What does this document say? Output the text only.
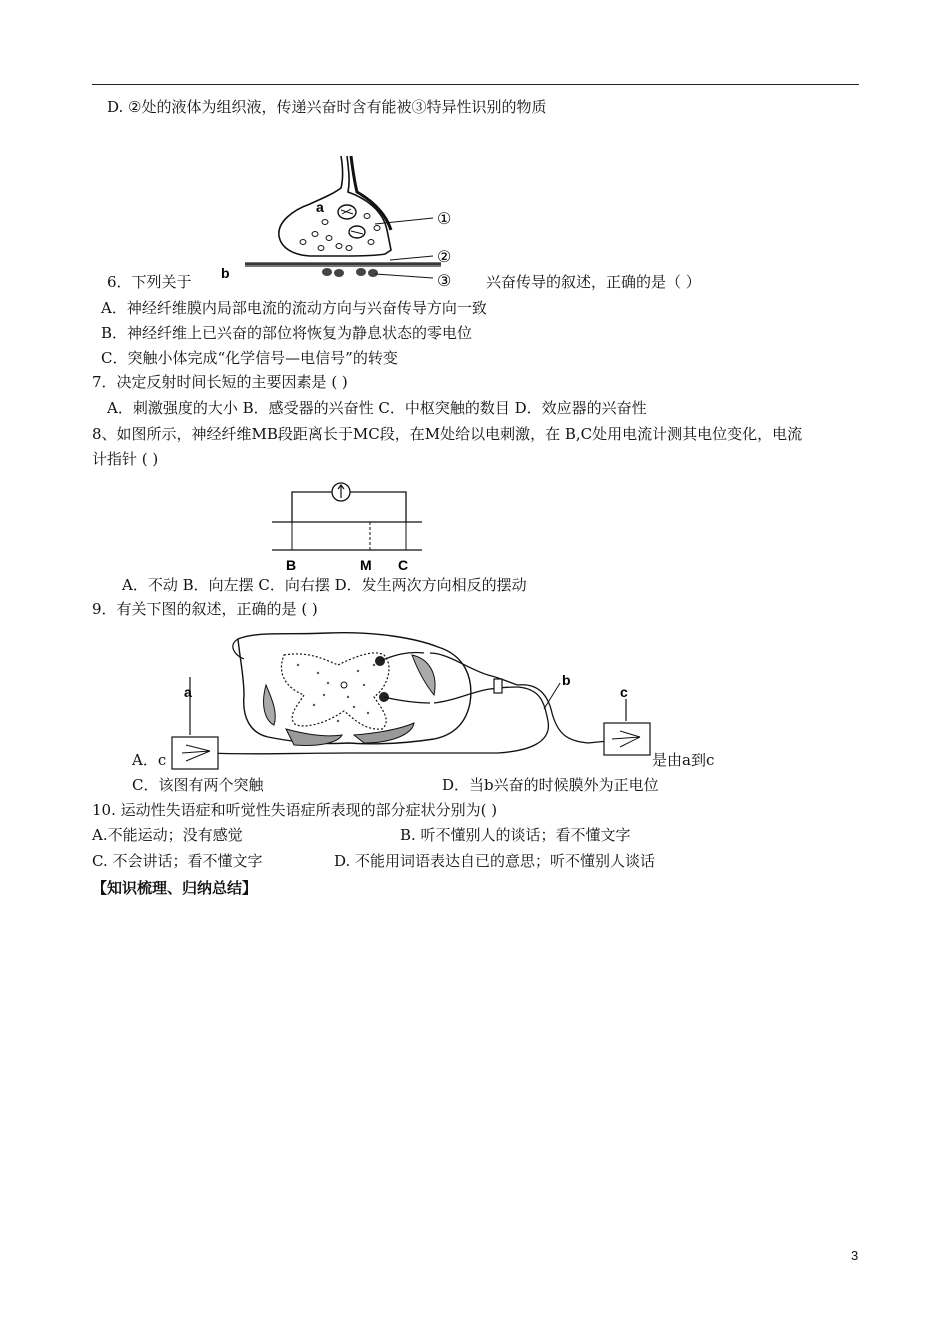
D. ②处的液体为组织液，传递兴奋时含有能被③特异性识别的物质
①
②
③
a
b
6．下列关于	兴奋传导的叙述，正确的是（ ）
A．神经纤维膜内局部电流的流动方向与兴奋传导方向一致
B．神经纤维上已兴奋的部位将恢复为静息状态的零电位
C．突触小体完成“化学信号—电信号”的转变
7．决定反射时间长短的主要因素是 ( )
A．刺激强度的大小 B．感受器的兴奋性 C．中枢突触的数目 D．效应器的兴奋性
8、如图所示，神经纤维MB段距离长于MC段，在M处给以电刺激，在 B,C处用电流计测其电位变化，电流
计指针 ( )
B	M C
A．不动 B．向左摆 C．向右摆 D．发生两次方向相反的摆动
9．有关下图的叙述，正确的是 ( )
a
b
c
A．c	是由a到c
C．该图有两个突触	D．当b兴奋的时候膜外为正电位
10. 运动性失语症和听觉性失语症所表现的部分症状分别为( )
A.不能运动；没有感觉	B. 听不懂别人的谈话；看不懂文字
C. 不会讲话；看不懂文字	D. 不能用词语表达自已的意思；听不懂别人谈话
【知识梳理、归纳总结】
3
